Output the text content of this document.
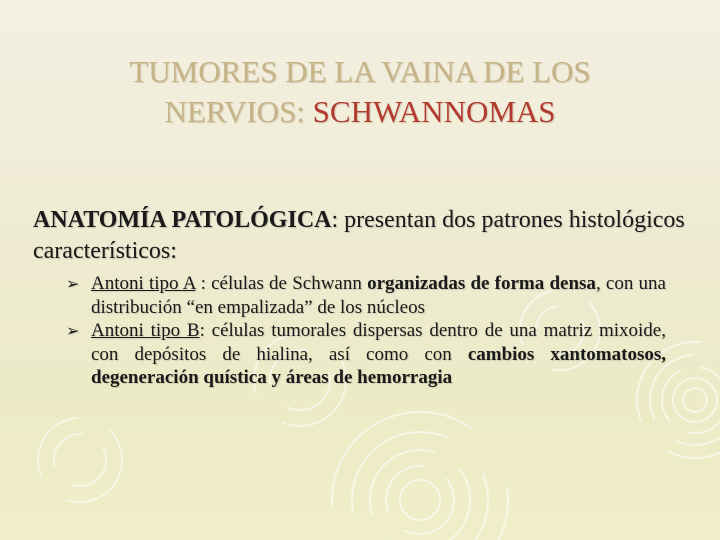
TUMORES DE LA VAINA DE LOS
NERVIOS: SCHWANNOMAS

ANATOMÍA PATOLÓGICA: presentan dos patrones histológicos característicos:

➢ Antoni tipo A : células de Schwann organizadas de forma densa, con una distribución “en empalizada” de los núcleos
➢ Antoni tipo B: células tumorales dispersas dentro de una matriz mixoide, con depósitos de hialina, así como con cambios xantomatosos, degeneración quística y áreas de hemorragia
